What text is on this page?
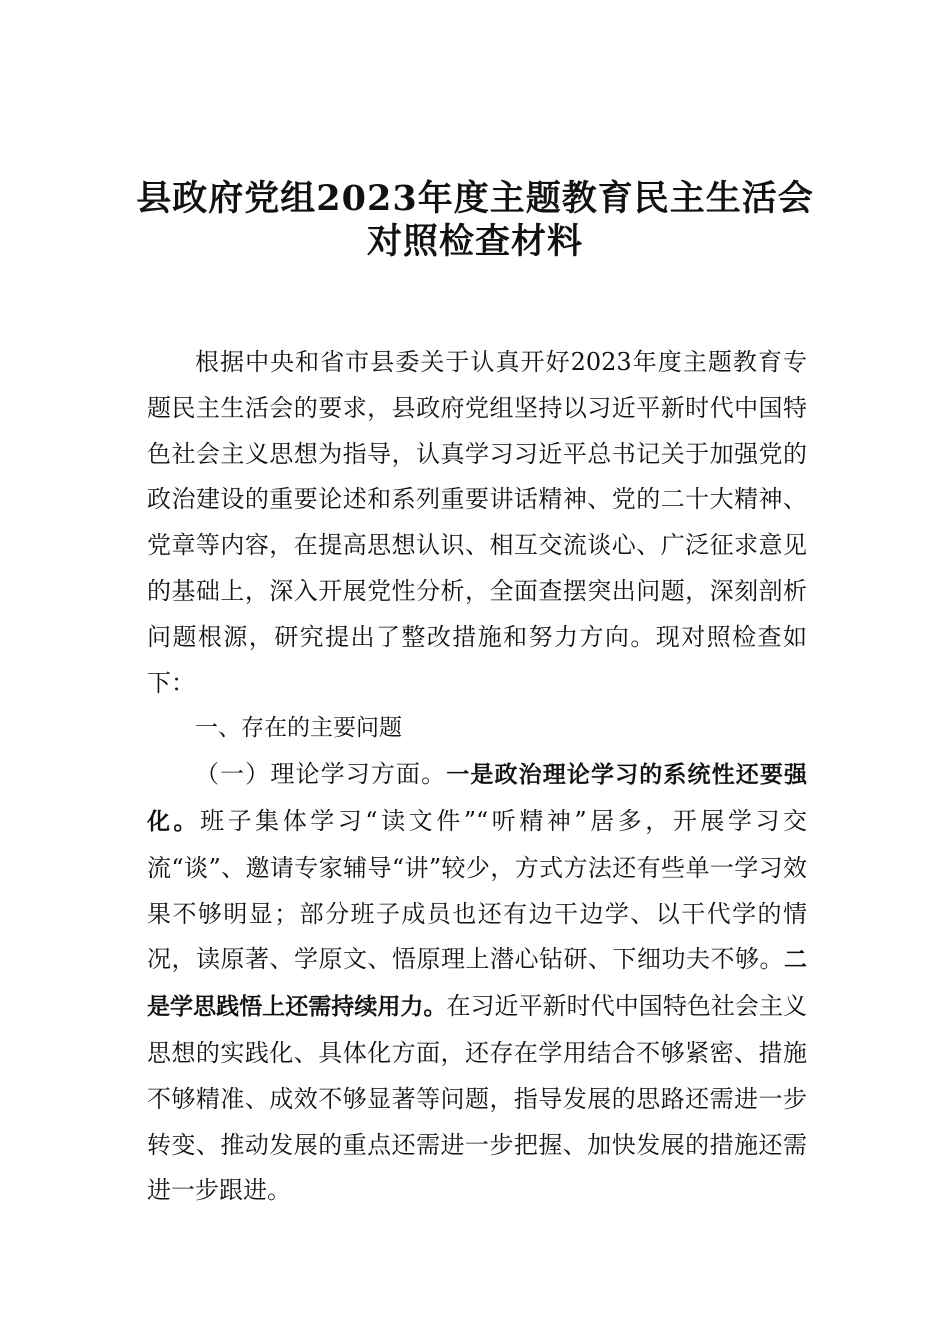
县政府党组2023年度主题教育民主生活会
对照检查材料

根据中央和省市县委关于认真开好2023年度主题教育专题民主生活会的要求，县政府党组坚持以习近平新时代中国特色社会主义思想为指导，认真学习习近平总书记关于加强党的政治建设的重要论述和系列重要讲话精神、党的二十大精神、党章等内容，在提高思想认识、相互交流谈心、广泛征求意见的基础上，深入开展党性分析，全面查摆突出问题，深刻剖析问题根源，研究提出了整改措施和努力方向。现对照检查如下：

一、存在的主要问题

（一）理论学习方面。一是政治理论学习的系统性还要强化。班子集体学习“读文件”“听精神”居多，开展学习交流“谈”、邀请专家辅导“讲”较少，方式方法还有些单一学习效果不够明显；部分班子成员也还有边干边学、以干代学的情况，读原著、学原文、悟原理上潜心钻研、下细功夫不够。二是学思践悟上还需持续用力。在习近平新时代中国特色社会主义思想的实践化、具体化方面，还存在学用结合不够紧密、措施不够精准、成效不够显著等问题，指导发展的思路还需进一步转变、推动发展的重点还需进一步把握、加快发展的措施还需进一步跟进。
